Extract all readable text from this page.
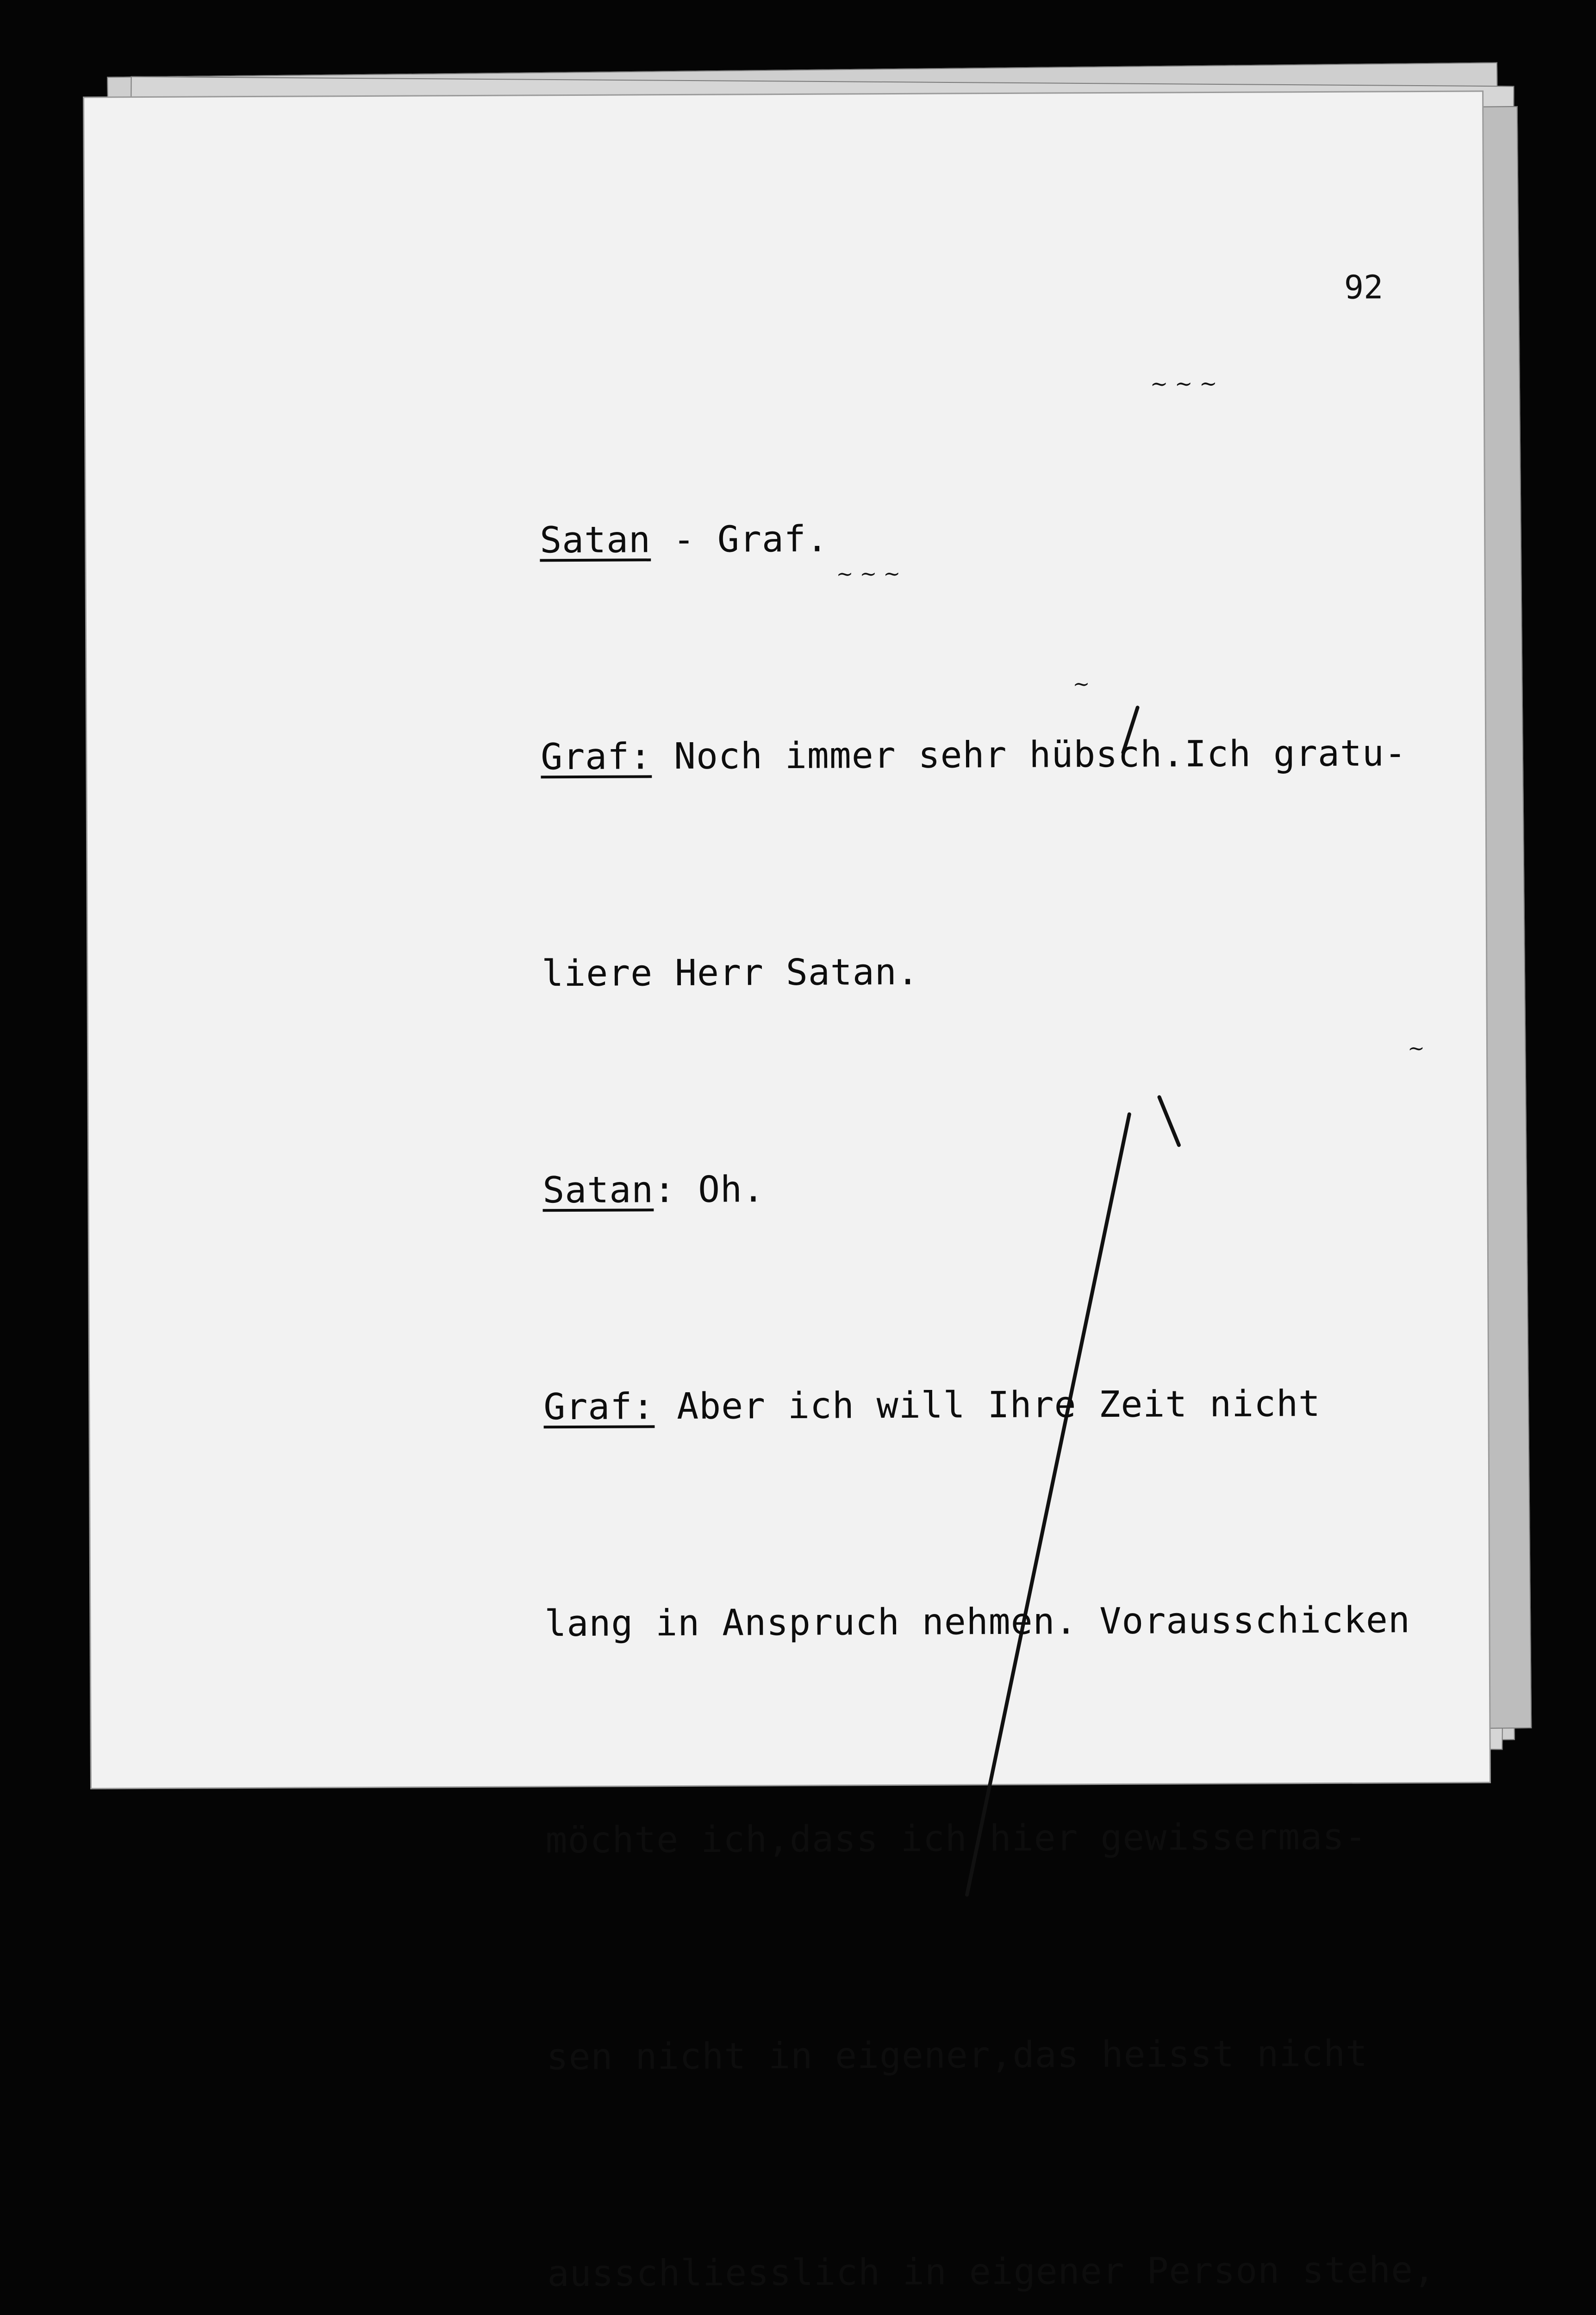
92
~ ~ ~
~ ~ ~
~
~

Satan - Graf.

Graf: Noch immer sehr hübsch.Ich gratu-

liere Herr Satan.

Satan: Oh.

Graf: Aber ich will Ihre Zeit nicht

lang in Anspruch nehmen. Vorausschicken

möchte ich,dass ich hier gewissermas-

sen nicht in eigener,das heisst nicht

ausschliesslich in eigener Person stehe,
